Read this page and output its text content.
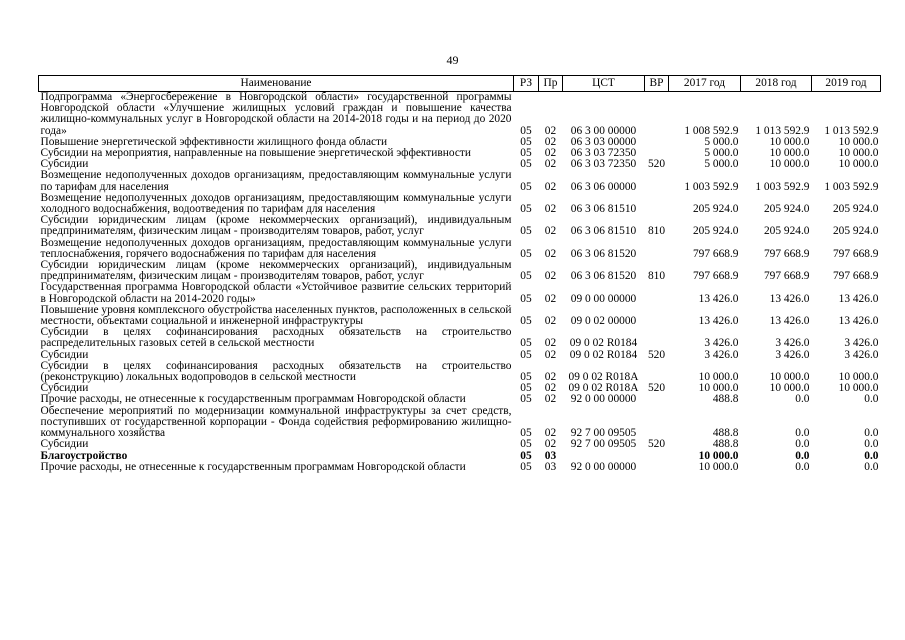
49
Наименование	РЗ	Пр	ЦСТ	ВР	2017 год	2018 год	2019 год
Подпрограмма «Энергосбережение в Новгородской области» государственной программы Новгородской области «Улучшение жилищных условий граждан и повышение качества жилищно-коммунальных услуг в Новгородской области на 2014-2018 годы и на период до 2020 года»	05	02	06 3 00 00000		1 008 592.9	1 013 592.9	1 013 592.9
Повышение энергетической эффективности жилищного фонда области	05	02	06 3 03 00000		5 000.0	10 000.0	10 000.0
Субсидии на мероприятия, направленные на повышение энергетической эффективности	05	02	06 3 03 72350		5 000.0	10 000.0	10 000.0
Субсидии	05	02	06 3 03 72350	520	5 000.0	10 000.0	10 000.0
Возмещение недополученных доходов организациям, предоставляющим коммунальные услуги по тарифам для населения	05	02	06 3 06 00000		1 003 592.9	1 003 592.9	1 003 592.9
Возмещение недополученных доходов организациям, предоставляющим коммунальные услуги холодного водоснабжения, водоотведения по тарифам для населения	05	02	06 3 06 81510		205 924.0	205 924.0	205 924.0
Субсидии юридическим лицам (кроме некоммерческих организаций), индивидуальным предпринимателям, физическим лицам - производителям товаров, работ, услуг	05	02	06 3 06 81510	810	205 924.0	205 924.0	205 924.0
Возмещение недополученных доходов организациям, предоставляющим коммунальные услуги теплоснабжения, горячего водоснабжения по тарифам для населения	05	02	06 3 06 81520		797 668.9	797 668.9	797 668.9
Субсидии юридическим лицам (кроме некоммерческих организаций), индивидуальным предпринимателям, физическим лицам - производителям товаров, работ, услуг	05	02	06 3 06 81520	810	797 668.9	797 668.9	797 668.9
Государственная программа Новгородской области «Устойчивое развитие сельских территорий в Новгородской области на 2014-2020 годы»	05	02	09 0 00 00000		13 426.0	13 426.0	13 426.0
Повышение уровня комплексного обустройства населенных пунктов, расположенных в сельской местности, объектами социальной и инженерной инфраструктуры	05	02	09 0 02 00000		13 426.0	13 426.0	13 426.0
Субсидии в целях софинансирования расходных обязательств на строительство распределительных газовых сетей в сельской местности	05	02	09 0 02 R0184		3 426.0	3 426.0	3 426.0
Субсидии	05	02	09 0 02 R0184	520	3 426.0	3 426.0	3 426.0
Субсидии в целях софинансирования расходных обязательств на строительство (реконструкцию) локальных водопроводов в сельской местности	05	02	09 0 02 R018A		10 000.0	10 000.0	10 000.0
Субсидии	05	02	09 0 02 R018A	520	10 000.0	10 000.0	10 000.0
Прочие расходы, не отнесенные к государственным программам Новгородской области	05	02	92 0 00 00000		488.8	0.0	0.0
Обеспечение мероприятий по модернизации коммунальной инфраструктуры за счет средств, поступивших от государственной корпорации - Фонда содействия реформированию жилищно-коммунального хозяйства	05	02	92 7 00 09505		488.8	0.0	0.0
Субсидии	05	02	92 7 00 09505	520	488.8	0.0	0.0
Благоустройство	05	03			10 000.0	0.0	0.0
Прочие расходы, не отнесенные к государственным программам Новгородской области	05	03	92 0 00 00000		10 000.0	0.0	0.0
